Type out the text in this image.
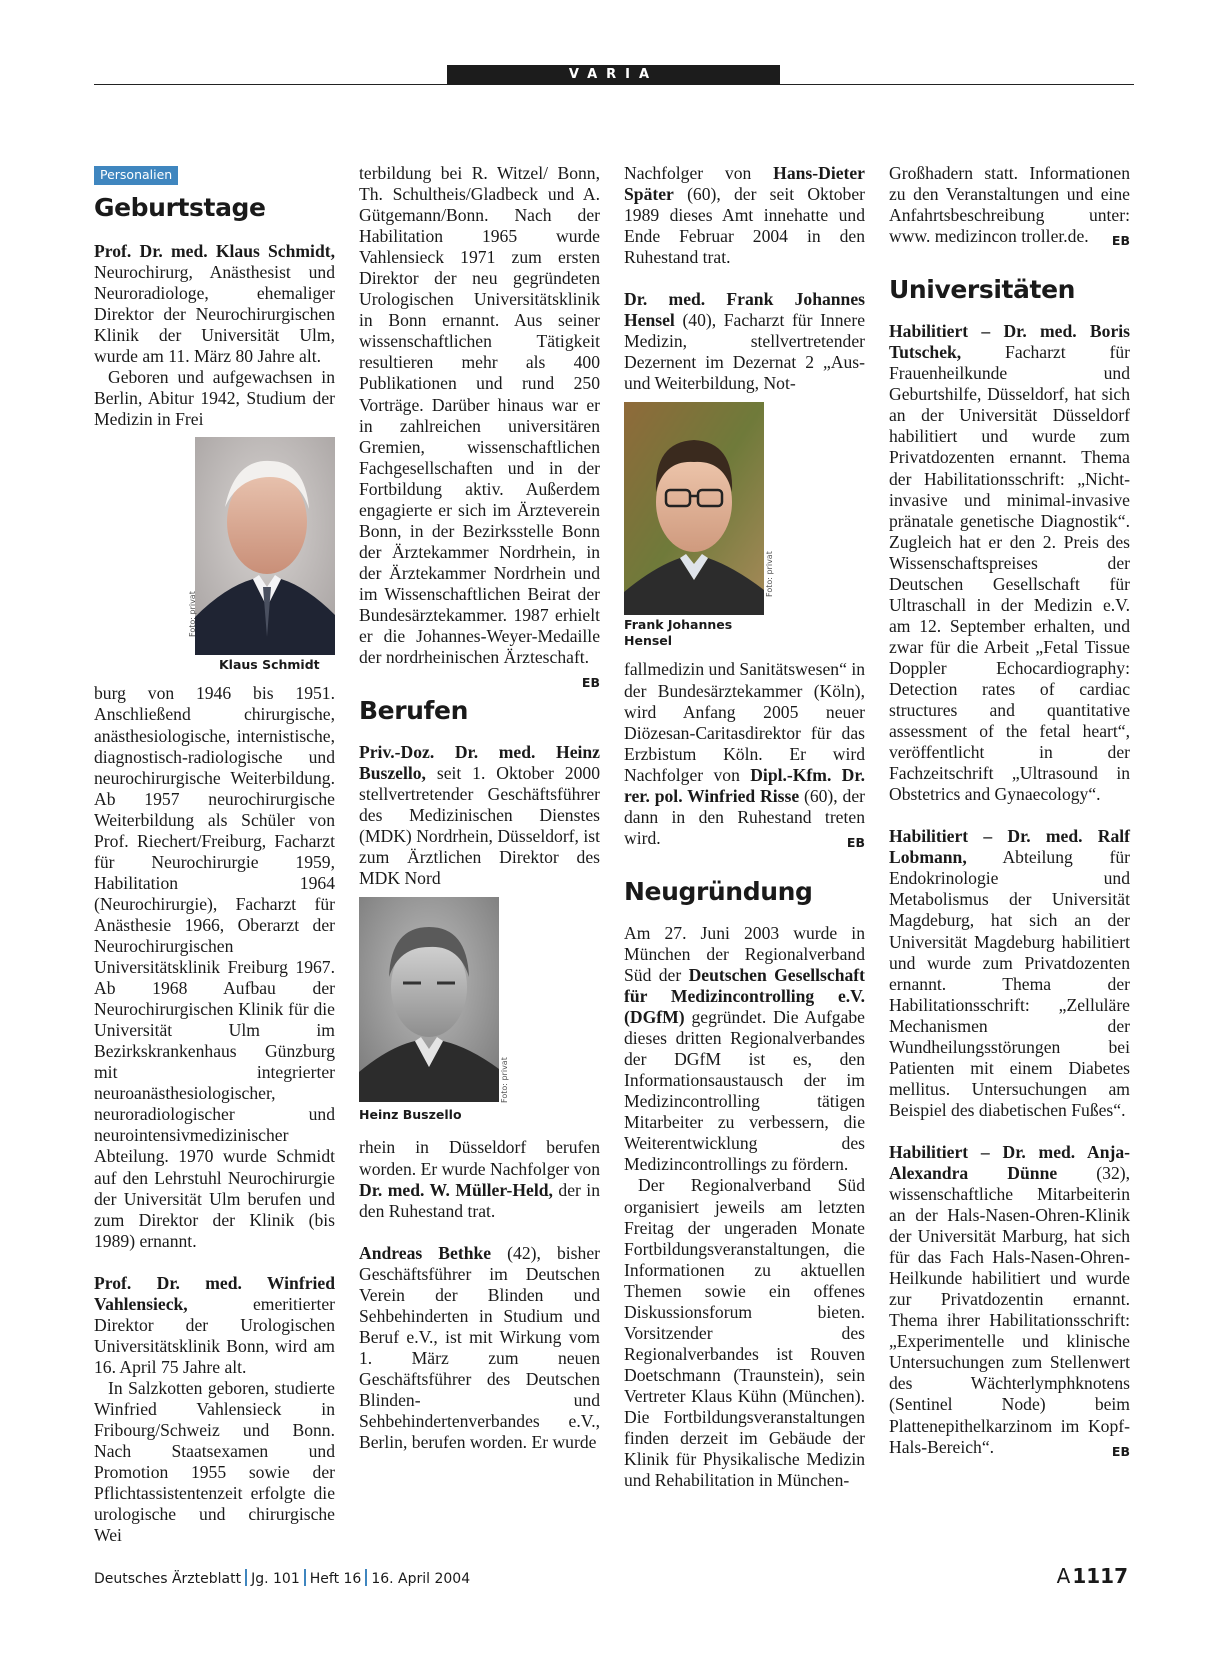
VARIA
Personalien
Geburtstage

Prof. Dr. med. Klaus Schmidt, Neurochirurg, Anästhesist und Neuroradiologe, ehemaliger Direktor der Neurochirurgischen Klinik der Universität Ulm, wurde am 11. März 80 Jahre alt.

Geboren und aufgewachsen in Berlin, Abitur 1942, Studium der Medizin in Frei

Foto: privat
Klaus Schmidt

burg von 1946 bis 1951. Anschließend chirurgische, anästhesiologische, internistische, diagnostisch-radiologische und neurochirurgische Weiterbildung. Ab 1957 neurochirurgische Weiterbildung als Schüler von Prof. Riechert/Freiburg, Facharzt für Neurochirurgie 1959, Habilitation 1964 (Neurochirurgie), Facharzt für Anästhesie 1966, Oberarzt der Neurochirurgischen Universitätsklinik Freiburg 1967. Ab 1968 Aufbau der Neurochirurgischen Klinik für die Universität Ulm im Bezirkskrankenhaus Günzburg mit integrierter neuroanästhesiologischer, neuroradiologischer und neurointensivmedizinischer Abteilung. 1970 wurde Schmidt auf den Lehrstuhl Neurochirurgie der Universität Ulm berufen und zum Direktor der Klinik (bis 1989) ernannt.

Prof. Dr. med. Winfried Vahlensieck, emeritierter Direktor der Urologischen Universitätsklinik Bonn, wird am 16. April 75 Jahre alt.

In Salzkotten geboren, studierte Winfried Vahlensieck in Fribourg/Schweiz und Bonn. Nach Staatsexamen und Promotion 1955 sowie der Pflichtassistentenzeit erfolgte die urologische und chirurgische Wei

terbildung bei R. Witzel/ Bonn, Th. Schultheis/Gladbeck und A. Gütgemann/Bonn. Nach der Habilitation 1965 wurde Vahlensieck 1971 zum ersten Direktor der neu gegründeten Urologischen Universitätsklinik in Bonn ernannt. Aus seiner wissenschaftlichen Tätigkeit resultieren mehr als 400 Publikationen und rund 250 Vorträge. Darüber hinaus war er in zahlreichen universitären Gremien, wissenschaftlichen Fachgesellschaften und in der Fortbildung aktiv. Außerdem engagierte er sich im Ärzteverein Bonn, in der Bezirksstelle Bonn der Ärztekammer Nordrhein, in der Ärztekammer Nordrhein und im Wissenschaftlichen Beirat der Bundesärztekammer. 1987 erhielt er die Johannes-Weyer-Medaille der nordrheinischen Ärzteschaft.
EB

Berufen

Priv.-Doz. Dr. med. Heinz Buszello, seit 1. Oktober 2000 stellvertretender Geschäftsführer des Medizinischen Dienstes (MDK) Nordrhein, Düsseldorf, ist zum Ärztlichen Direktor des MDK Nord

Foto: privat
Heinz Buszello

rhein in Düsseldorf berufen worden. Er wurde Nachfolger von Dr. med. W. Müller-Held, der in den Ruhestand trat.

Andreas Bethke (42), bisher Geschäftsführer im Deutschen Verein der Blinden und Sehbehinderten in Studium und Beruf e.V., ist mit Wirkung vom 1. März zum neuen Geschäftsführer des Deutschen Blinden- und Sehbehindertenverbandes e.V., Berlin, berufen worden. Er wurde

Nachfolger von Hans-Dieter Später (60), der seit Oktober 1989 dieses Amt innehatte und Ende Februar 2004 in den Ruhestand trat.

Dr. med. Frank Johannes Hensel (40), Facharzt für Innere Medizin, stellvertretender Dezernent im Dezernat 2 „Aus- und Weiterbildung, Not-

Foto: privat
Frank Johannes Hensel

fallmedizin und Sanitätswesen“ in der Bundesärztekammer (Köln), wird Anfang 2005 neuer Diözesan-Caritasdirektor für das Erzbistum Köln. Er wird Nachfolger von Dipl.-Kfm. Dr. rer. pol. Winfried Risse (60), der dann in den Ruhestand treten wird.	EB

Neugründung

Am 27. Juni 2003 wurde in München der Regionalverband Süd der Deutschen Gesellschaft für Medizincontrolling e.V. (DGfM) gegründet. Die Aufgabe dieses dritten Regionalverbandes der DGfM ist es, den Informationsaustausch der im Medizincontrolling tätigen Mitarbeiter zu verbessern, die Weiterentwicklung des Medizincontrollings zu fördern.

Der Regionalverband Süd organisiert jeweils am letzten Freitag der ungeraden Monate Fortbildungsveranstaltungen, die Informationen zu aktuellen Themen sowie ein offenes Diskussionsforum bieten. Vorsitzender des Regionalverbandes ist Rouven Doetschmann (Traunstein), sein Vertreter Klaus Kühn (München). Die Fortbildungsveranstaltungen finden derzeit im Gebäude der Klinik für Physikalische Medizin und Rehabilitation in München-

Großhadern statt. Informationen zu den Veranstaltungen und eine Anfahrtsbeschreibung unter: www. medizincon troller.de. EB

Universitäten

Habilitiert – Dr. med. Boris Tutschek, Facharzt für Frauenheilkunde und Geburtshilfe, Düsseldorf, hat sich an der Universität Düsseldorf habilitiert und wurde zum Privatdozenten ernannt. Thema der Habilitationsschrift: „Nicht-invasive und minimal-invasive pränatale genetische Diagnostik“. Zugleich hat er den 2. Preis des Wissenschaftspreises der Deutschen Gesellschaft für Ultraschall in der Medizin e.V. am 12. September erhalten, und zwar für die Arbeit „Fetal Tissue Doppler Echocardiography: Detection rates of cardiac structures and quantitative assessment of the fetal heart“, veröffentlicht in der Fachzeitschrift „Ultrasound in Obstetrics and Gynaecology“.

Habilitiert – Dr. med. Ralf Lobmann, Abteilung für Endokrinologie und Metabolismus der Universität Magdeburg, hat sich an der Universität Magdeburg habilitiert und wurde zum Privatdozenten ernannt. Thema der Habilitationsschrift: „Zelluläre Mechanismen der Wundheilungsstörungen bei Patienten mit einem Diabetes mellitus. Untersuchungen am Beispiel des diabetischen Fußes“.

Habilitiert – Dr. med. Anja-Alexandra Dünne (32), wissenschaftliche Mitarbeiterin an der Hals-Nasen-Ohren-Klinik der Universität Marburg, hat sich für das Fach Hals-Nasen-Ohren-Heilkunde habilitiert und wurde zur Privatdozentin ernannt. Thema ihrer Habilitationsschrift: „Experimentelle und klinische Untersuchungen zum Stellenwert des Wächterlymphknotens (Sentinel Node) beim Plattenepithelkarzinom im Kopf-Hals-Bereich“.	EB

Deutsches Ärzteblatt Jg. 101 Heft 16 16. April 2004	A  1117
